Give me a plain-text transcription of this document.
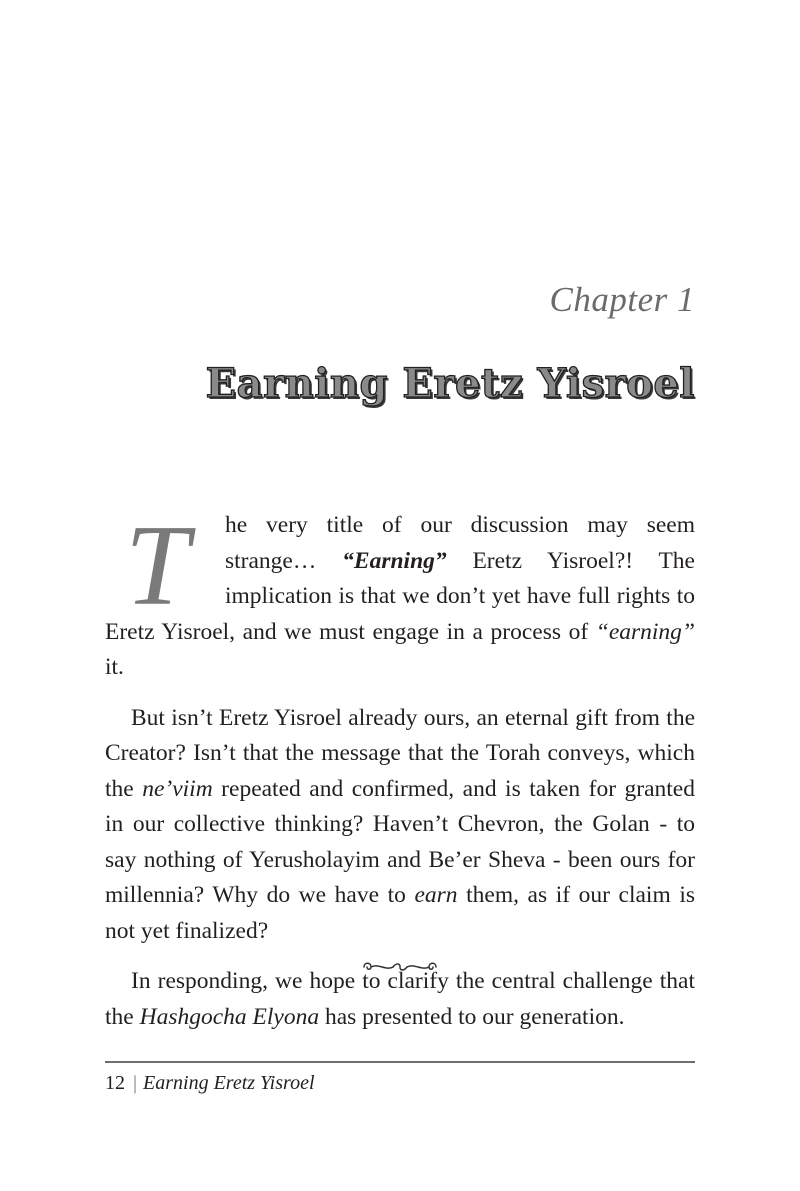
Chapter 1
Earning Eretz Yisroel

T	he very title of our discussion may seem strange… “Earning” Eretz Yisroel?! The implication is that we don’t yet have full rights to Eretz Yisroel, and we must engage in a process of “earning” it.

But isn’t Eretz Yisroel already ours, an eternal gift from the Creator? Isn’t that the message that the Torah conveys, which the ne’viim repeated and confirmed, and is taken for granted in our collective thinking? Haven’t Chevron, the Golan - to say nothing of Yerusholayim and Be’er Sheva - been ours for millennia? Why do we have to earn them, as if our claim is not yet finalized?

In responding, we hope to clarify the central challenge that the Hashgocha Elyona has presented to our generation.

12 | Earning Eretz Yisroel
